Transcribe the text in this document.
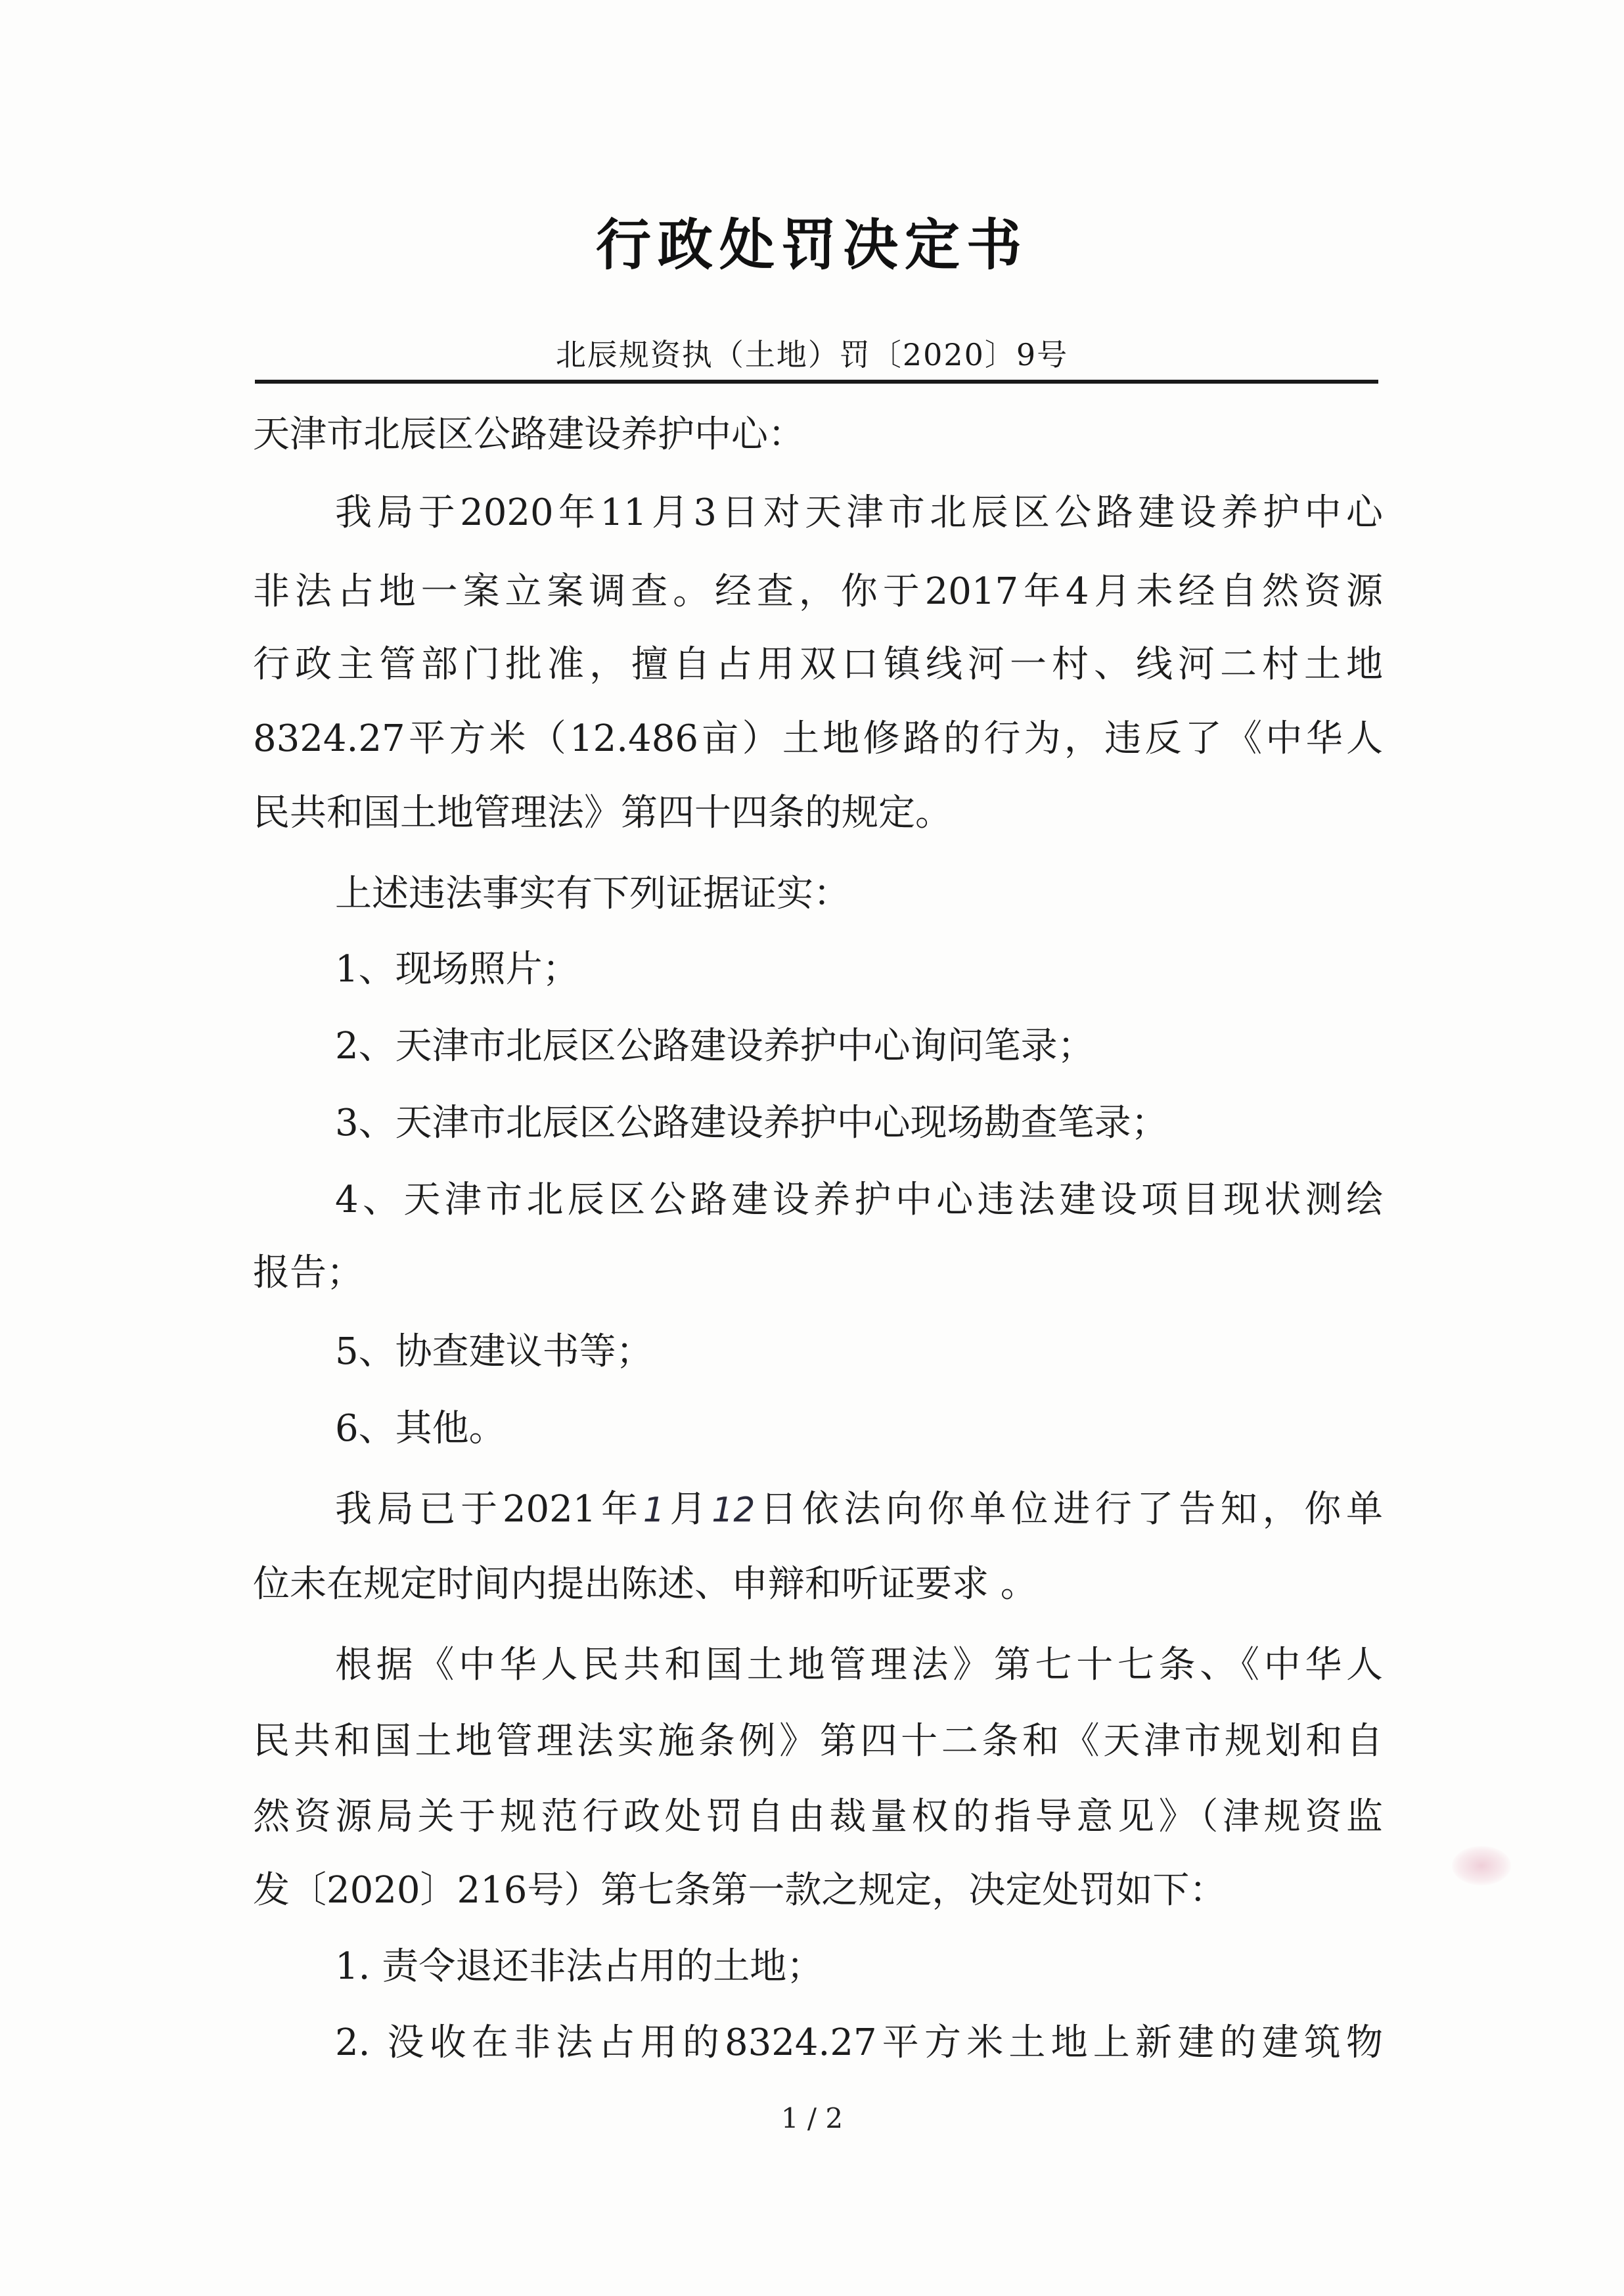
行政处罚决定书
北辰规资执（土地）罚〔2020〕9号
天津市北辰区公路建设养护中心：
我局于2020年11月3日对天津市北辰区公路建设养护中心
非法占地一案立案调查。经查，你于2017年4月未经自然资源
行政主管部门批准，擅自占用双口镇线河一村、线河二村土地
8324.27平方米（12.486亩）土地修路的行为，违反了《中华人
民共和国土地管理法》第四十四条的规定。
上述违法事实有下列证据证实：
1、现场照片；
2、天津市北辰区公路建设养护中心询问笔录；
3、天津市北辰区公路建设养护中心现场勘查笔录；
4、天津市北辰区公路建设养护中心违法建设项目现状测绘
报告；
5、协查建议书等；
6、其他。
我局已于2021年1月12日依法向你单位进行了告知，你单
位未在规定时间内提出陈述、申辩和听证要求 。
根据《中华人民共和国土地管理法》第七十七条、《中华人
民共和国土地管理法实施条例》第四十二条和《天津市规划和自
然资源局关于规范行政处罚自由裁量权的指导意见》（津规资监
发〔2020〕216号）第七条第一款之规定，决定处罚如下：
1. 责令退还非法占用的土地；
2. 没收在非法占用的8324.27平方米土地上新建的建筑物
1 / 2
